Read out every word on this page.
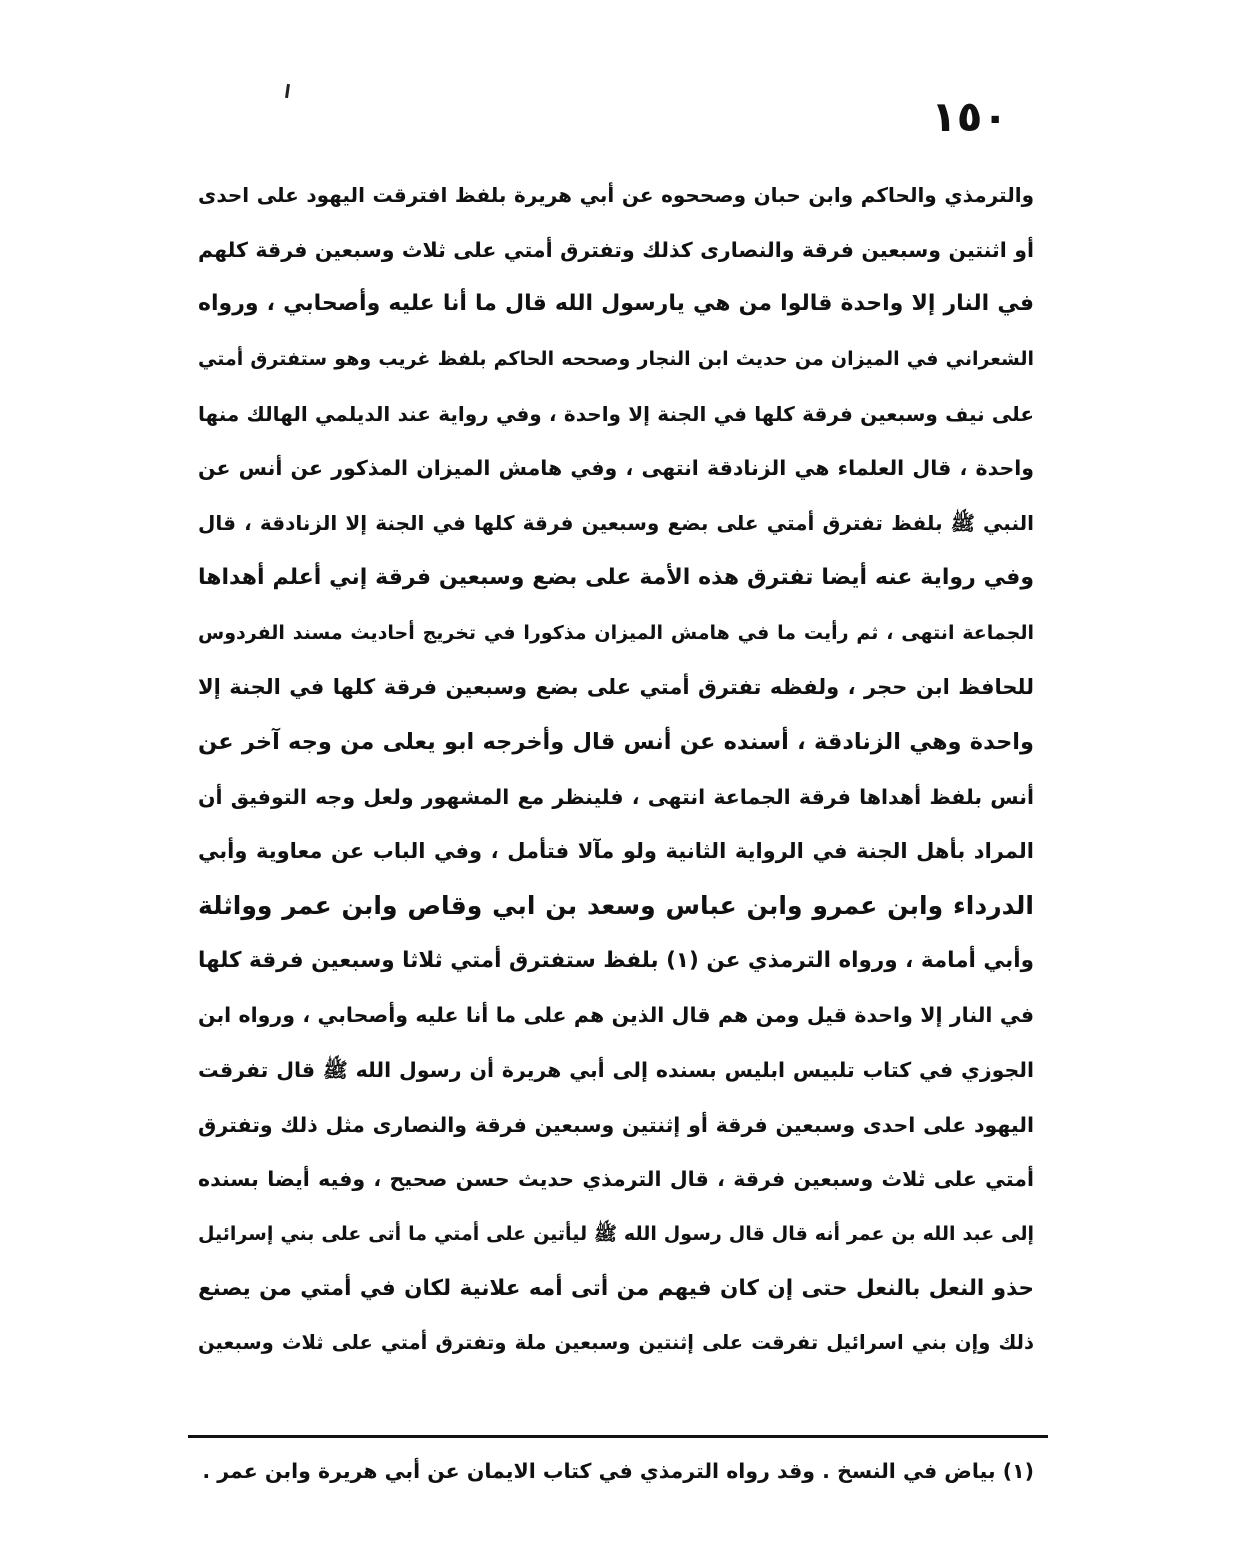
١٥٠
والترمذي والحاكم وابن حبان وصححوه عن أبي هريرة بلفظ افترقت اليهود على احدى
أو اثنتين وسبعين فرقة والنصارى كذلك وتفترق أمتي على ثلاث وسبعين فرقة كلهم
في النار إلا واحدة قالوا من هي يارسول الله قال ما أنا عليه وأصحابي ، ورواه
الشعراني في الميزان من حديث ابن النجار وصححه الحاكم بلفظ غريب وهو ستفترق أمتي
على نيف وسبعين فرقة كلها في الجنة إلا واحدة ، وفي رواية عند الديلمي الهالك منها
واحدة ، قال العلماء هي الزنادقة انتهى ، وفي هامش الميزان المذكور عن أنس عن
النبي ﷺ بلفظ تفترق أمتي على بضع وسبعين فرقة كلها في الجنة إلا الزنادقة ، قال
وفي رواية عنه أيضا تفترق هذه الأمة على بضع وسبعين فرقة إني أعلم أهداها
الجماعة انتهى ، ثم رأيت ما في هامش الميزان مذكورا في تخريج أحاديث مسند الفردوس
للحافظ ابن حجر ، ولفظه تفترق أمتي على بضع وسبعين فرقة كلها في الجنة إلا
واحدة وهي الزنادقة ، أسنده عن أنس قال وأخرجه ابو يعلى من وجه آخر عن
أنس بلفظ أهداها فرقة الجماعة انتهى ، فلينظر مع المشهور ولعل وجه التوفيق أن
المراد بأهل الجنة في الرواية الثانية ولو مآلا فتأمل ، وفي الباب عن معاوية وأبي
الدرداء وابن عمرو وابن عباس وسعد بن ابي وقاص وابن عمر وواثلة
وأبي أمامة ، ورواه الترمذي عن (١) بلفظ ستفترق أمتي ثلاثا وسبعين فرقة كلها
في النار إلا واحدة قيل ومن هم قال الذين هم على ما أنا عليه وأصحابي ، ورواه ابن
الجوزي في كتاب تلبيس ابليس بسنده إلى أبي هريرة أن رسول الله ﷺ قال تفرقت
اليهود على احدى وسبعين فرقة أو إثنتين وسبعين فرقة والنصارى مثل ذلك وتفترق
أمتي على ثلاث وسبعين فرقة ، قال الترمذي حديث حسن صحيح ، وفيه أيضا بسنده
إلى عبد الله بن عمر أنه قال قال رسول الله ﷺ ليأتين على أمتي ما أتى على بني إسرائيل
حذو النعل بالنعل حتى إن كان فيهم من أتى أمه علانية لكان في أمتي من يصنع
ذلك وإن بني اسرائيل تفرقت على إثنتين وسبعين ملة وتفترق أمتي على ثلاث وسبعين
(١) بياض في النسخ . وقد رواه الترمذي في كتاب الايمان عن أبي هريرة وابن عمر .
